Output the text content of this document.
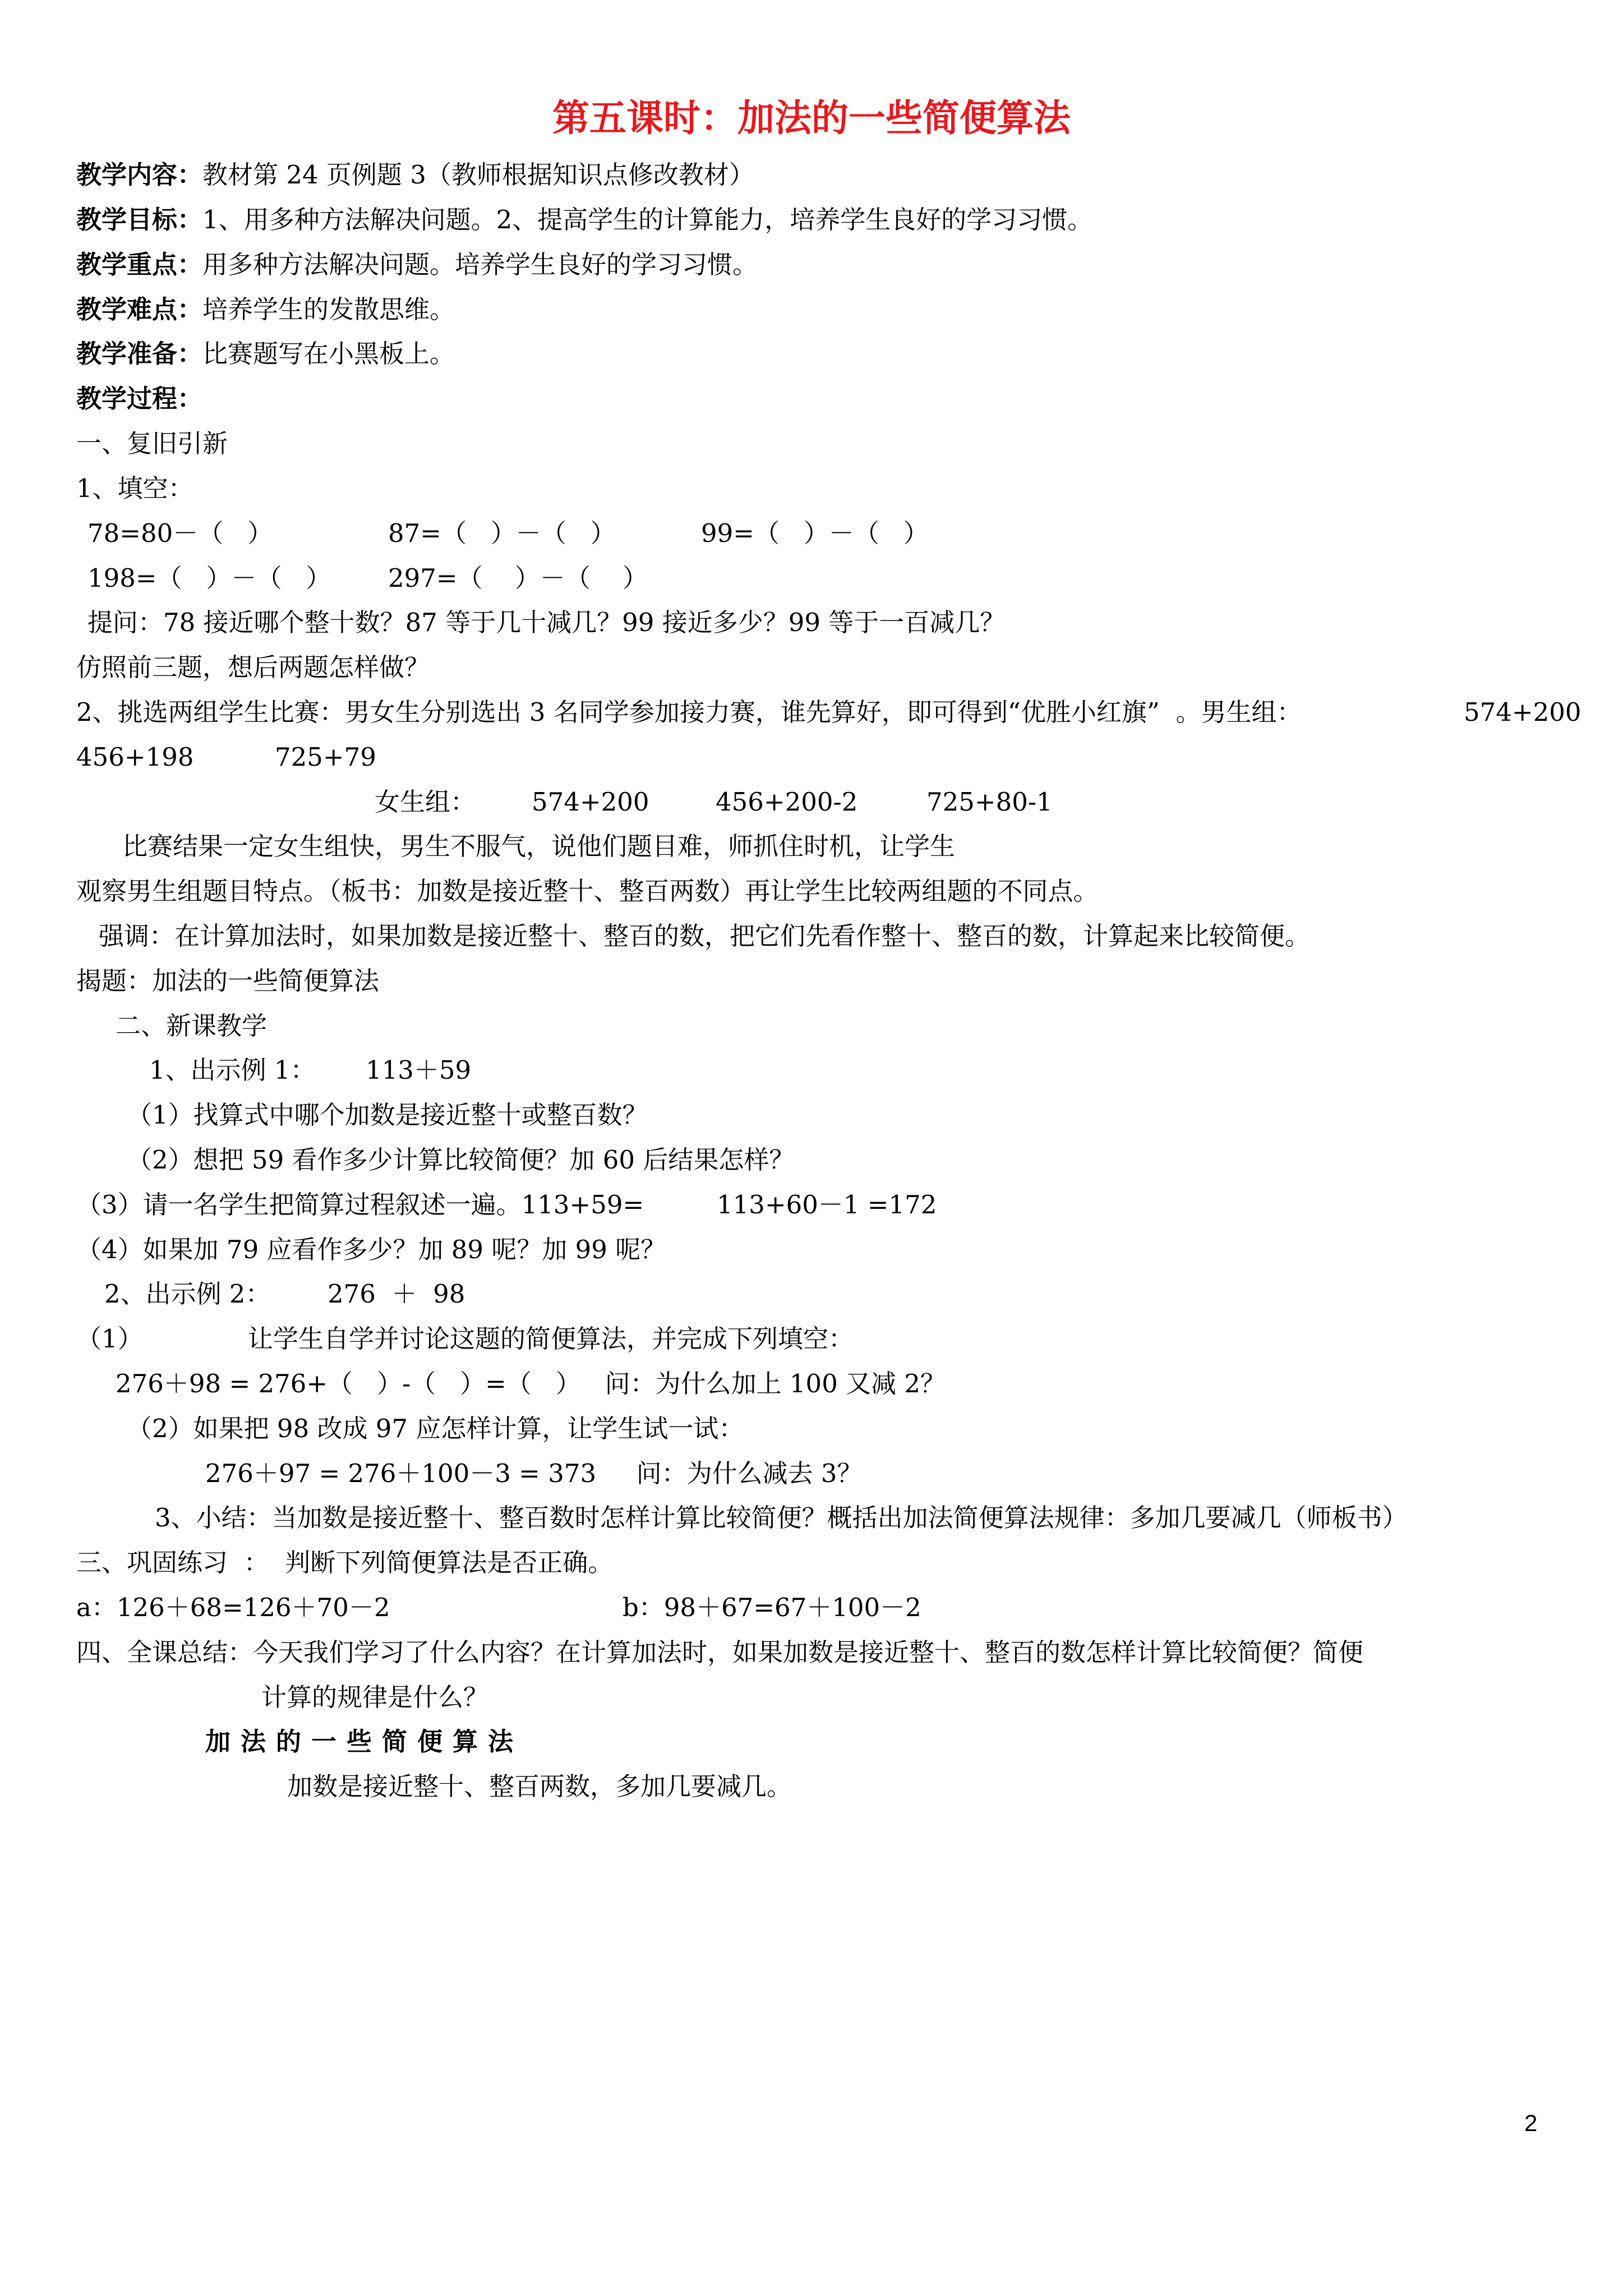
第五课时：加法的一些简便算法
教学内容：教材第 24 页例题 3（教师根据知识点修改教材）
教学目标：1、用多种方法解决问题。2、提高学生的计算能力，培养学生良好的学习习惯。
教学重点：用多种方法解决问题。培养学生良好的学习习惯。
教学难点：培养学生的发散思维。
教学准备：比赛题写在小黑板上。
教学过程：
一、复旧引新
1、填空：
78=80－（   ）	87=（   ）－（   ）	99=（   ）－（   ）
198=（   ）－（   ） 297=（    ）－（    ）
提问：78 接近哪个整十数？87 等于几十减几？99 接近多少？99 等于一百减几？
仿照前三题，想后两题怎样做？
2、挑选两组学生比赛：男女生分别选出 3 名同学参加接力赛，谁先算好，即可得到“优胜小红旗”  。男生组：	574+200
456+198	725+79
女生组： 574+200	456+200-2	725+80-1
比赛结果一定女生组快，男生不服气，说他们题目难，师抓住时机，让学生
观察男生组题目特点。（板书：加数是接近整十、整百两数）再让学生比较两组题的不同点。
强调：在计算加法时，如果加数是接近整十、整百的数，把它们先看作整十、整百的数，计算起来比较简便。
揭题：加法的一些简便算法
二、新课教学
1、出示例 1： 113＋59
（1）找算式中哪个加数是接近整十或整百数？
（2）想把 59 看作多少计算比较简便？加 60 后结果怎样？
（3）请一名学生把简算过程叙述一遍。113+59=	113+60－1 =172
（4）如果加 79 应看作多少？加 89 呢？加 99 呢？
2、出示例 2： 276  ＋  98
（1）	让学生自学并讨论这题的简便算法，并完成下列填空：
276＋98 = 276+（   ）-（   ）=（   ）   问：为什么加上 100 又减 2？
（2）如果把 98 改成 97 应怎样计算，让学生试一试：
276＋97 = 276＋100－3 = 373     问：为什么减去 3？
3、小结：当加数是接近整十、整百数时怎样计算比较简便？概括出加法简便算法规律：多加几要减几（师板书）
三、巩固练习  ：  判断下列简便算法是否正确。
a：126＋68=126＋70－2	b：98＋67=67＋100－2
四、全课总结：今天我们学习了什么内容？在计算加法时，如果加数是接近整十、整百的数怎样计算比较简便？简便
计算的规律是什么？
加法的一些简便算法
加数是接近整十、整百两数，多加几要减几。
2
